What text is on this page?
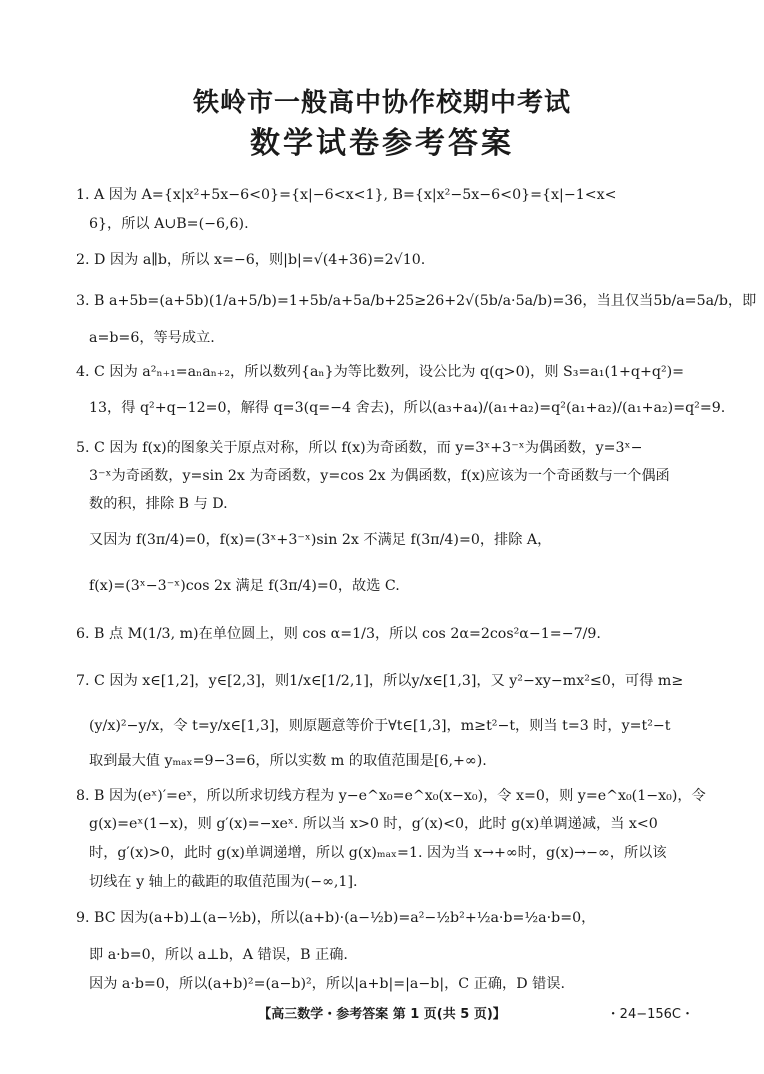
铁岭市一般高中协作校期中考试
数学试卷参考答案
1. A 因为 A={x|x²+5x−6<0}={x|−6<x<1}, B={x|x²−5x−6<0}={x|−1<x<
6}，所以 A∪B=(−6,6).
2. D 因为 a∥b，所以 x=−6，则|b|=√(4+36)=2√10.
3. B a+5b=(a+5b)(1/a+5/b)=1+5b/a+5a/b+25≥26+2√(5b/a·5a/b)=36，当且仅当5b/a=5a/b，即
a=b=6，等号成立.
4. C 因为 a²ₙ₊₁=aₙaₙ₊₂，所以数列{aₙ}为等比数列，设公比为 q(q>0)，则 S₃=a₁(1+q+q²)=
13，得 q²+q−12=0，解得 q=3(q=−4 舍去)，所以(a₃+a₄)/(a₁+a₂)=q²(a₁+a₂)/(a₁+a₂)=q²=9.
5. C 因为 f(x)的图象关于原点对称，所以 f(x)为奇函数，而 y=3ˣ+3⁻ˣ为偶函数，y=3ˣ−
3⁻ˣ为奇函数，y=sin 2x 为奇函数，y=cos 2x 为偶函数，f(x)应该为一个奇函数与一个偶函
数的积，排除 B 与 D.
又因为 f(3π/4)=0，f(x)=(3ˣ+3⁻ˣ)sin 2x 不满足 f(3π/4)=0，排除 A，
f(x)=(3ˣ−3⁻ˣ)cos 2x 满足 f(3π/4)=0，故选 C.
6. B 点 M(1/3, m)在单位圆上，则 cos α=1/3，所以 cos 2α=2cos²α−1=−7/9.
7. C 因为 x∈[1,2]，y∈[2,3]，则1/x∈[1/2,1]，所以y/x∈[1,3]，又 y²−xy−mx²≤0，可得 m≥
(y/x)²−y/x，令 t=y/x∈[1,3]，则原题意等价于∀t∈[1,3]，m≥t²−t，则当 t=3 时，y=t²−t
取到最大值 yₘₐₓ=9−3=6，所以实数 m 的取值范围是[6,+∞).
8. B 因为(eˣ)′=eˣ，所以所求切线方程为 y−e^x₀=e^x₀(x−x₀)，令 x=0，则 y=e^x₀(1−x₀)，令
g(x)=eˣ(1−x)，则 g′(x)=−xeˣ. 所以当 x>0 时，g′(x)<0，此时 g(x)单调递减，当 x<0
时，g′(x)>0，此时 g(x)单调递增，所以 g(x)ₘₐₓ=1. 因为当 x→+∞时，g(x)→−∞，所以该
切线在 y 轴上的截距的取值范围为(−∞,1].
9. BC 因为(a+b)⊥(a−½b)，所以(a+b)·(a−½b)=a²−½b²+½a·b=½a·b=0，
即 a·b=0，所以 a⊥b，A 错误，B 正确.
因为 a·b=0，所以(a+b)²=(a−b)²，所以|a+b|=|a−b|，C 正确，D 错误.
【高三数学・参考答案 第 1 页(共 5 页)】	・24−156C・
